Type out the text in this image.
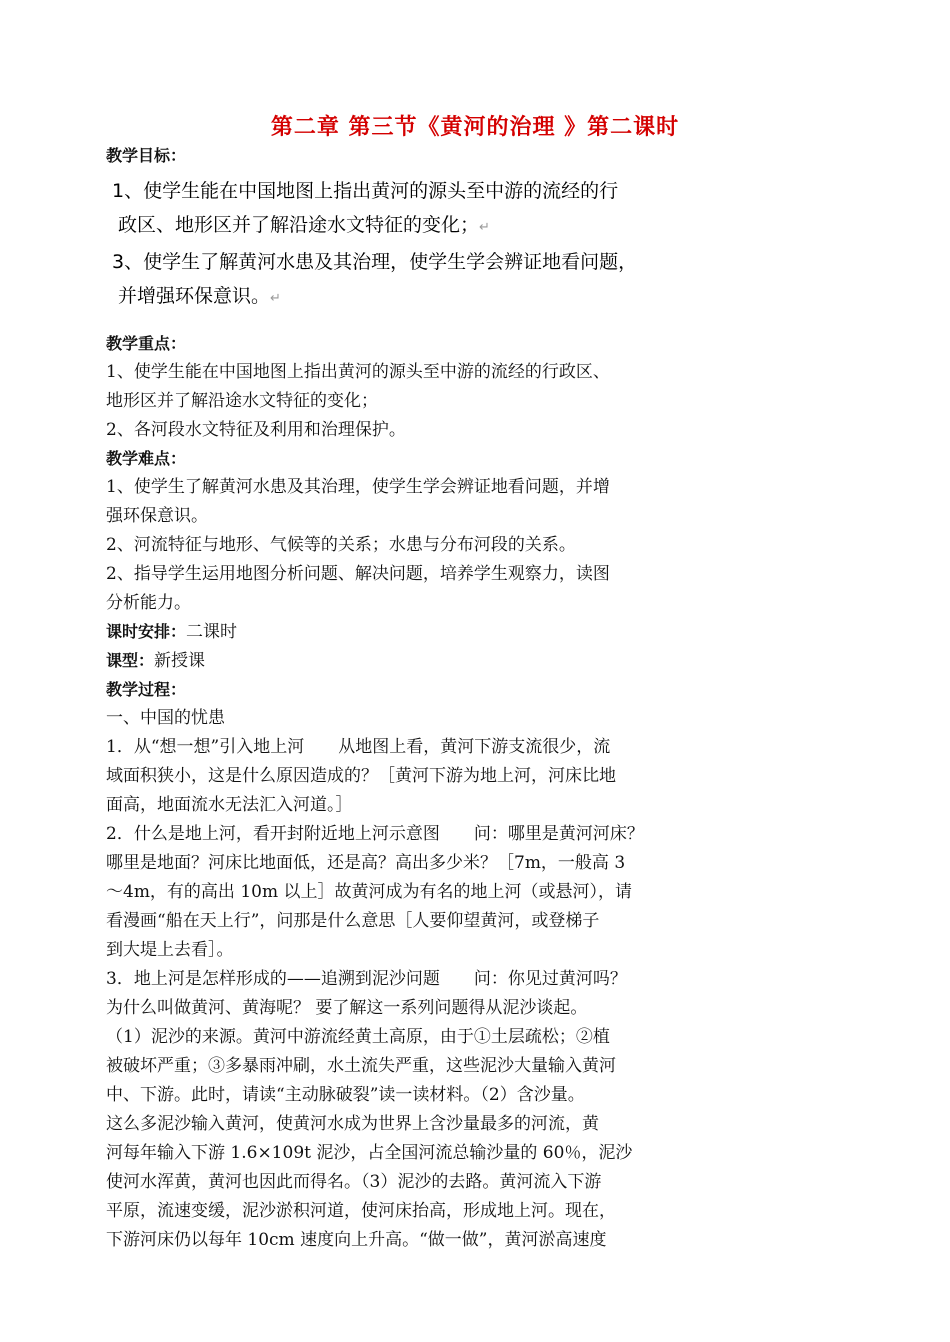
第二章 第三节《黄河的治理 》第二课时
教学目标：
1、使学生能在中国地图上指出黄河的源头至中游的流经的行
政区、地形区并了解沿途水文特征的变化；↵
3、使学生了解黄河水患及其治理，使学生学会辨证地看问题，
并增强环保意识。↵
教学重点：

1、使学生能在中国地图上指出黄河的源头至中游的流经的行政区、

地形区并了解沿途水文特征的变化；

2、各河段水文特征及利用和治理保护。

教学难点：

1、使学生了解黄河水患及其治理，使学生学会辨证地看问题，并增

强环保意识。

2、河流特征与地形、气候等的关系；水患与分布河段的关系。

2、指导学生运用地图分析问题、解决问题，培养学生观察力，读图

分析能力。

课时安排：二课时

课型：新授课

教学过程：

一、中国的忧患

1．从“想一想”引入地上河　　从地图上看，黄河下游支流很少，流

域面积狭小，这是什么原因造成的？［黄河下游为地上河，河床比地

面高，地面流水无法汇入河道。］

2．什么是地上河，看开封附近地上河示意图　　问：哪里是黄河河床？

哪里是地面？河床比地面低，还是高？高出多少米？［7m，一般高 3

～4m，有的高出 10m 以上］故黄河成为有名的地上河（或悬河），请

看漫画“船在天上行”，问那是什么意思［人要仰望黄河，或登梯子

到大堤上去看］。

3．地上河是怎样形成的——追溯到泥沙问题　　问：你见过黄河吗？

为什么叫做黄河、黄海呢？ 要了解这一系列问题得从泥沙谈起。

（1）泥沙的来源。黄河中游流经黄土高原，由于①土层疏松；②植

被破坏严重；③多暴雨冲刷，水土流失严重，这些泥沙大量输入黄河

中、下游。此时，请读“主动脉破裂”读一读材料。（2）含沙量。

这么多泥沙输入黄河，使黄河水成为世界上含沙量最多的河流，黄

河每年输入下游 1.6×109t 泥沙，占全国河流总输沙量的 60％，泥沙

使河水浑黄，黄河也因此而得名。（3）泥沙的去路。黄河流入下游

平原，流速变缓，泥沙淤积河道，使河床抬高，形成地上河。现在，

下游河床仍以每年 10cm 速度向上升高。“做一做”，黄河淤高速度
